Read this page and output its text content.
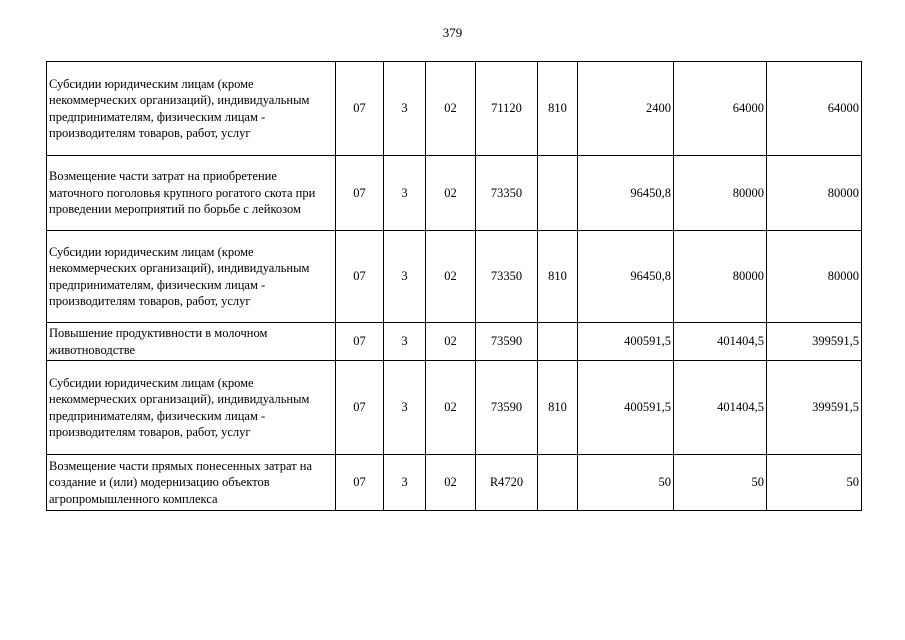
379
Субсидии юридическим лицам (кроме некоммерческих организаций), индивидуальным предпринимателям, физическим лицам - производителям товаров, работ, услуг	07	3	02	71120	810	2400	64000	64000
Возмещение части затрат на приобретение маточного поголовья крупного рогатого скота при проведении мероприятий по борьбе с лейкозом	07	3	02	73350		96450,8	80000	80000
Субсидии юридическим лицам (кроме некоммерческих организаций), индивидуальным предпринимателям, физическим лицам - производителям товаров, работ, услуг	07	3	02	73350	810	96450,8	80000	80000
Повышение продуктивности в молочном животноводстве	07	3	02	73590		400591,5	401404,5	399591,5
Субсидии юридическим лицам (кроме некоммерческих организаций), индивидуальным предпринимателям, физическим лицам - производителям товаров, работ, услуг	07	3	02	73590	810	400591,5	401404,5	399591,5
Возмещение части прямых понесенных затрат на создание и (или) модернизацию объектов агропромышленного комплекса	07	3	02	R4720		50	50	50
